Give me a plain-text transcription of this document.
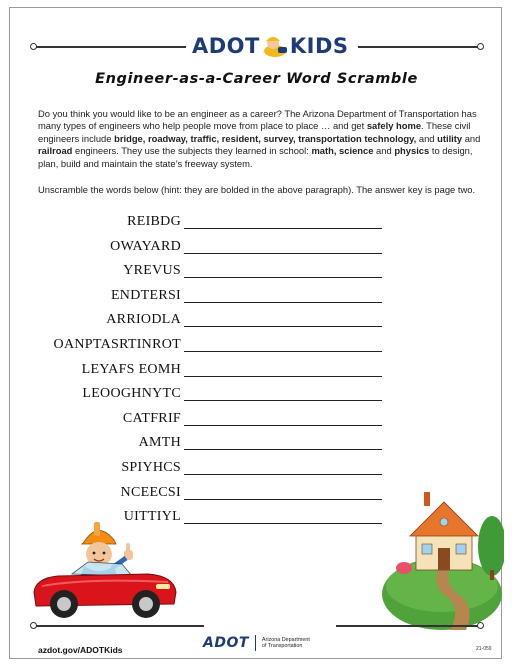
ADOT KIDS
Engineer-as-a-Career Word Scramble
Do you think you would like to be an engineer as a career? The Arizona Department of Transportation has many types of engineers who help people move from place to place … and get safely home. These civil engineers include bridge, roadway, traffic, resident, survey, transportation technology, and utility and railroad engineers. They use the subjects they learned in school: math, science and physics to design, plan, build and maintain the state’s freeway system.
Unscramble the words below (hint: they are bolded in the above paragraph). The answer key is page two.
REIBDG
OWAYARD
YREVUS
ENDTERSI
ARRIODLA
OANPTASRTINROT
LEYAFS EOMH
LEOOGHNYTC
CATFRIF
AMTH
SPIYHCS
NCEECSI
UITTIYL
azdot.gov/ADOTKids	ADOT Arizona Department
of Transportation	21-059
